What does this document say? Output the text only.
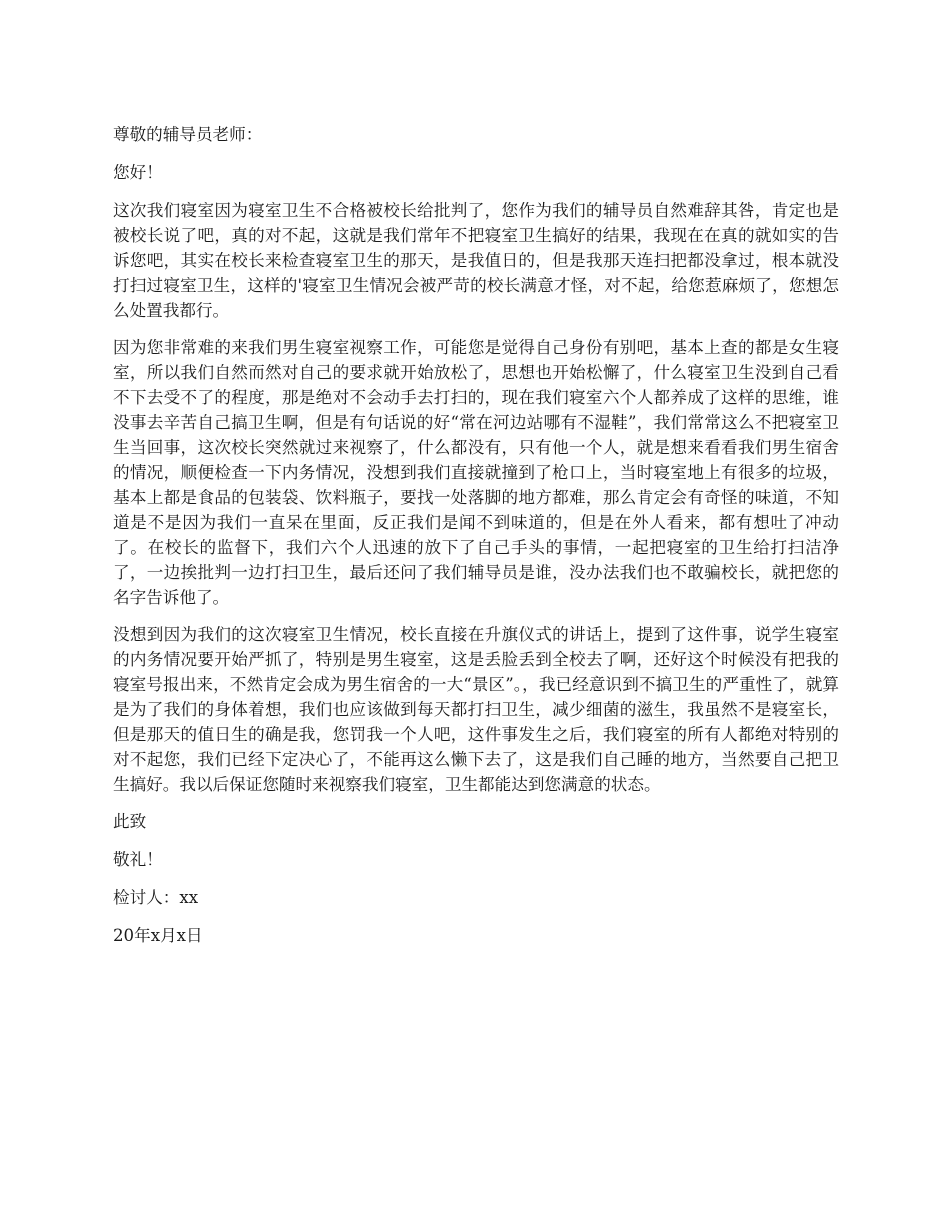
尊敬的辅导员老师：

您好！

这次我们寝室因为寝室卫生不合格被校长给批判了，您作为我们的辅导员自然难辞其咎，肯定也是被校长说了吧，真的对不起，这就是我们常年不把寝室卫生搞好的结果，我现在在真的就如实的告诉您吧，其实在校长来检查寝室卫生的那天，是我值日的，但是我那天连扫把都没拿过，根本就没打扫过寝室卫生，这样的'寝室卫生情况会被严苛的校长满意才怪，对不起，给您惹麻烦了，您想怎么处置我都行。

因为您非常难的来我们男生寝室视察工作，可能您是觉得自己身份有别吧，基本上查的都是女生寝室，所以我们自然而然对自己的要求就开始放松了，思想也开始松懈了，什么寝室卫生没到自己看不下去受不了的程度，那是绝对不会动手去打扫的，现在我们寝室六个人都养成了这样的思维，谁没事去辛苦自己搞卫生啊，但是有句话说的好“常在河边站哪有不湿鞋”，我们常常这么不把寝室卫生当回事，这次校长突然就过来视察了，什么都没有，只有他一个人，就是想来看看我们男生宿舍的情况，顺便检查一下内务情况，没想到我们直接就撞到了枪口上，当时寝室地上有很多的垃圾，基本上都是食品的包装袋、饮料瓶子，要找一处落脚的地方都难，那么肯定会有奇怪的味道，不知道是不是因为我们一直呆在里面，反正我们是闻不到味道的，但是在外人看来，都有想吐了冲动了。在校长的监督下，我们六个人迅速的放下了自己手头的事情，一起把寝室的卫生给打扫洁净了，一边挨批判一边打扫卫生，最后还问了我们辅导员是谁，没办法我们也不敢骗校长，就把您的名字告诉他了。

没想到因为我们的这次寝室卫生情况，校长直接在升旗仪式的讲话上，提到了这件事，说学生寝室的内务情况要开始严抓了，特别是男生寝室，这是丢脸丢到全校去了啊，还好这个时候没有把我的寝室号报出来，不然肯定会成为男生宿舍的一大“景区”。，我已经意识到不搞卫生的严重性了，就算是为了我们的身体着想，我们也应该做到每天都打扫卫生，减少细菌的滋生，我虽然不是寝室长，但是那天的值日生的确是我，您罚我一个人吧，这件事发生之后，我们寝室的所有人都绝对特别的对不起您，我们已经下定决心了，不能再这么懒下去了，这是我们自己睡的地方，当然要自己把卫生搞好。我以后保证您随时来视察我们寝室，卫生都能达到您满意的状态。

此致

敬礼！

检讨人：xx

20年x月x日
